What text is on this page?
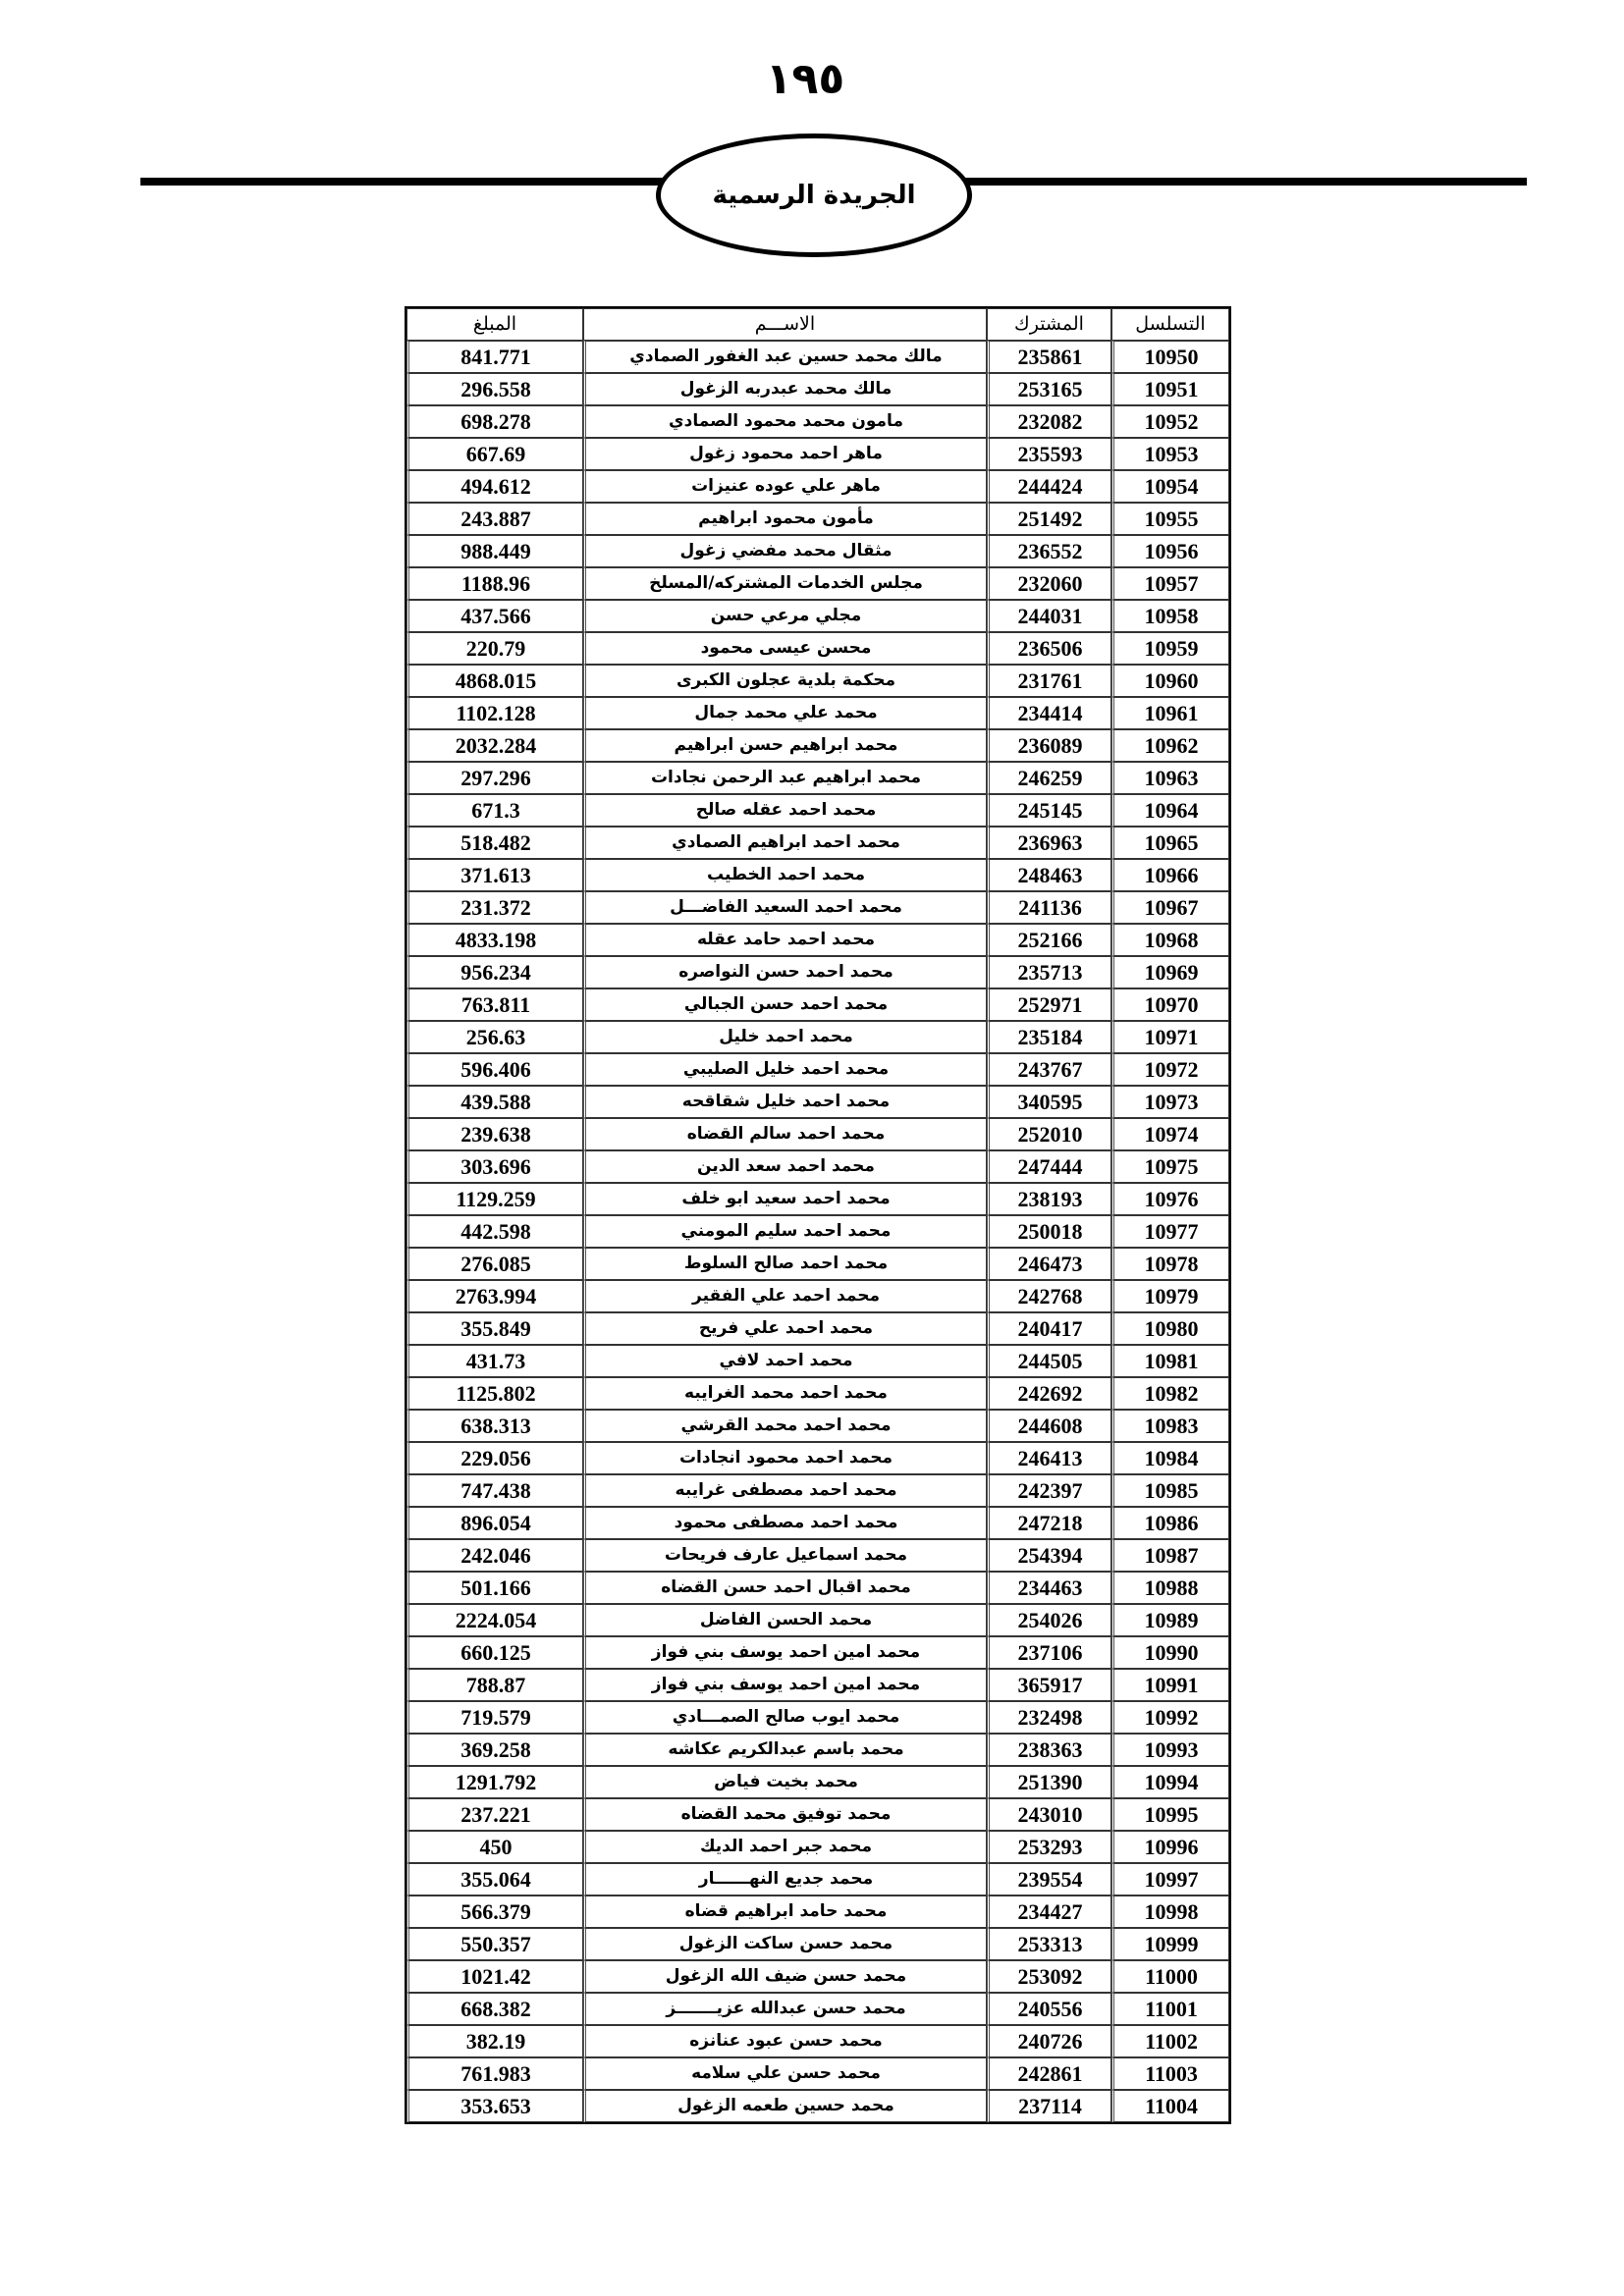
١٩٥
الجريدة الرسمية
التسلسل	المشترك	الاســـم	المبلغ
10950	235861	مالك محمد حسين عبد الغفور الصمادي	841.771
10951	253165	مالك محمد عبدربه الزغول	296.558
10952	232082	مامون محمد محمود الصمادي	698.278
10953	235593	ماهر احمد محمود زغول	667.69
10954	244424	ماهر علي عوده عنيزات	494.612
10955	251492	مأمون محمود ابراهيم	243.887
10956	236552	مثقال محمد مفضي زغول	988.449
10957	232060	مجلس الخدمات المشتركه/المسلخ	1188.96
10958	244031	مجلي مرعي حسن	437.566
10959	236506	محسن عيسى محمود	220.79
10960	231761	محكمة بلدية عجلون الكبرى	4868.015
10961	234414	محمد علي محمد جمال	1102.128
10962	236089	محمد ابراهيم حسن ابراهيم	2032.284
10963	246259	محمد ابراهيم عبد الرحمن نجادات	297.296
10964	245145	محمد احمد عقله صالح	671.3
10965	236963	محمد احمد ابراهيم الصمادي	518.482
10966	248463	محمد احمد الخطيب	371.613
10967	241136	محمد احمد السعيد الفاضـــل	231.372
10968	252166	محمد احمد حامد عقله	4833.198
10969	235713	محمد احمد حسن النواصره	956.234
10970	252971	محمد احمد حسن الجبالي	763.811
10971	235184	محمد احمد خليل	256.63
10972	243767	محمد احمد خليل الصليبي	596.406
10973	340595	محمد احمد خليل شقاقحه	439.588
10974	252010	محمد احمد سالم القضاه	239.638
10975	247444	محمد احمد سعد الدين	303.696
10976	238193	محمد احمد سعيد ابو خلف	1129.259
10977	250018	محمد احمد سليم المومني	442.598
10978	246473	محمد احمد صالح السلوط	276.085
10979	242768	محمد احمد علي الفقير	2763.994
10980	240417	محمد احمد علي فريح	355.849
10981	244505	محمد احمد لافي	431.73
10982	242692	محمد احمد محمد الغرايبه	1125.802
10983	244608	محمد احمد محمد القرشي	638.313
10984	246413	محمد احمد محمود انجادات	229.056
10985	242397	محمد احمد مصطفى غرايبه	747.438
10986	247218	محمد احمد مصطفى محمود	896.054
10987	254394	محمد اسماعيل عارف فريحات	242.046
10988	234463	محمد اقبال احمد حسن القضاه	501.166
10989	254026	محمد الحسن الفاضل	2224.054
10990	237106	محمد امين احمد يوسف بني فواز	660.125
10991	365917	محمد امين احمد يوسف بني فواز	788.87
10992	232498	محمد ايوب صالح الصمـــادي	719.579
10993	238363	محمد باسم عبدالكريم عكاشه	369.258
10994	251390	محمد بخيت فياض	1291.792
10995	243010	محمد توفيق محمد القضاه	237.221
10996	253293	محمد جبر احمد الديك	450
10997	239554	محمد جديع النهــــــار	355.064
10998	234427	محمد حامد ابراهيم قضاه	566.379
10999	253313	محمد حسن ساكت الزغول	550.357
11000	253092	محمد حسن ضيف الله الزغول	1021.42
11001	240556	محمد حسن عبدالله عزيـــــــز	668.382
11002	240726	محمد حسن عبود عنانزه	382.19
11003	242861	محمد حسن علي سلامه	761.983
11004	237114	محمد حسين طعمه الزغول	353.653
